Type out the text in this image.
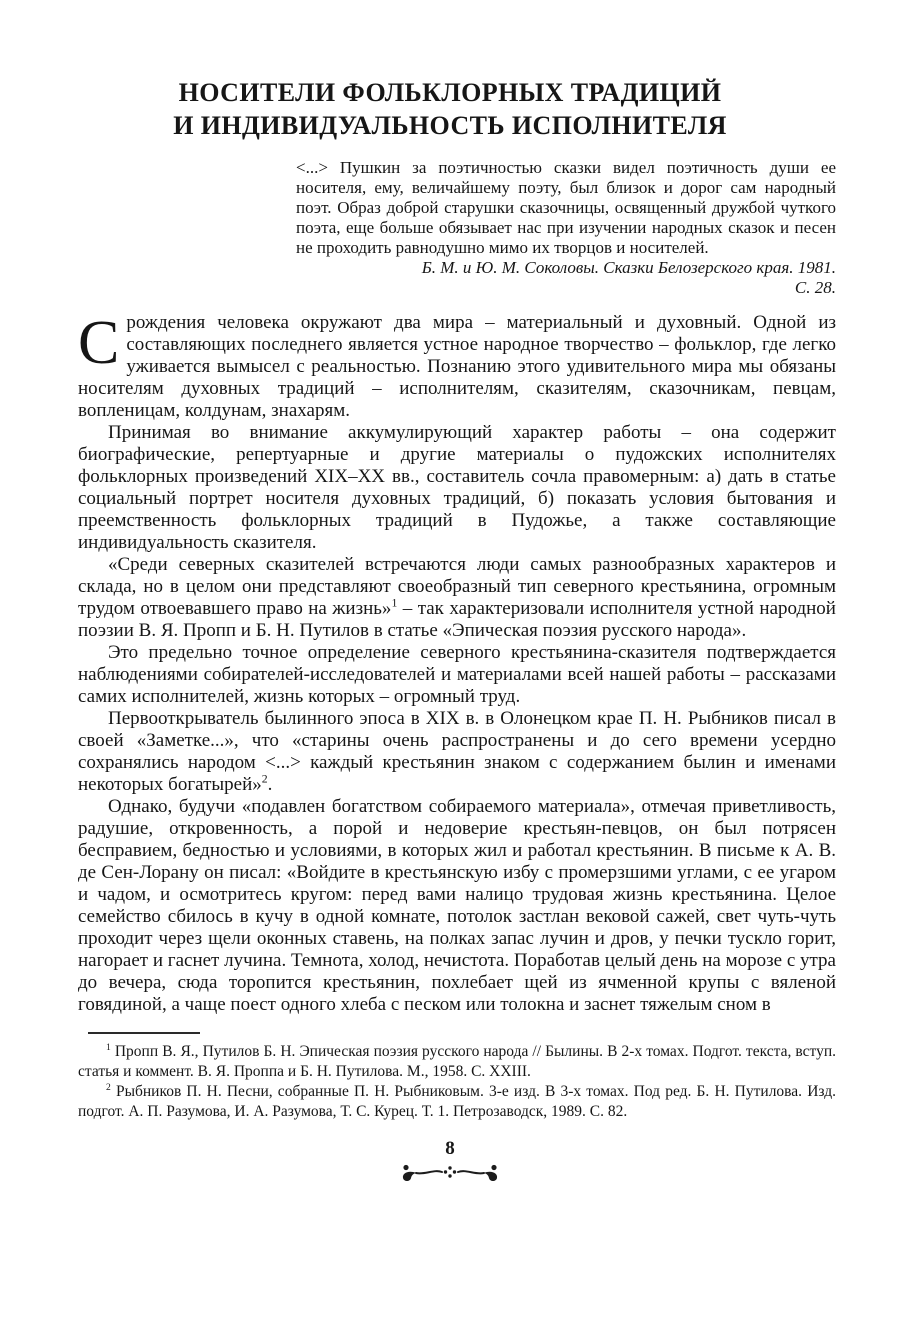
НОСИТЕЛИ ФОЛЬКЛОРНЫХ ТРАДИЦИЙ
И ИНДИВИДУАЛЬНОСТЬ ИСПОЛНИТЕЛЯ

<...> Пушкин за поэтичностью сказки видел поэтичность души ее носителя, ему, величайшему поэту, был близок и дорог сам народный поэт. Образ доброй старушки сказочницы, освященный дружбой чуткого поэта, еще больше обязывает нас при изучении народных сказок и песен не проходить равнодушно мимо их творцов и носителей.

Б. М. и Ю. М. Соколовы. Сказки Белозерского края. 1981.
С. 28.

Срождения человека окружают два мира – материальный и духовный. Одной из составляющих последнего является устное народное творчество – фольклор, где легко уживается вымысел с реальностью. Познанию этого удивительного мира мы обязаны носителям духовных традиций – исполнителям, сказителям, сказочникам, певцам, вопленицам, колдунам, знахарям.

Принимая во внимание аккумулирующий характер работы – она содержит биографические, репертуарные и другие материалы о пудожских исполнителях фольклорных произведений XIX–XX вв., составитель сочла правомерным: а) дать в статье социальный портрет носителя духовных традиций, б) показать условия бытования и преемственность фольклорных традиций в Пудожье, а также составляющие индивидуальность сказителя.

«Среди северных сказителей встречаются люди самых разнообразных характеров и склада, но в целом они представляют своеобразный тип северного крестьянина, огромным трудом отвоевавшего право на жизнь»$^1$ – так характеризовали исполнителя устной народной поэзии В. Я. Пропп и Б. Н. Путилов в статье «Эпическая поэзия русского народа».

Это предельно точное определение северного крестьянина-сказителя подтверждается наблюдениями собирателей-исследователей и материалами всей нашей работы – рассказами самих исполнителей, жизнь которых – огромный труд.

Первооткрыватель былинного эпоса в XIX в. в Олонецком крае П. Н. Рыбников писал в своей «Заметке...», что «старины очень распространены и до сего времени усердно сохранялись народом <...> каждый крестьянин знаком с содержанием былин и именами некоторых богатырей»$^2$.

Однако, будучи «подавлен богатством собираемого материала», отмечая приветливость, радушие, откровенность, а порой и недоверие крестьян-певцов, он был потрясен бесправием, бедностью и условиями, в которых жил и работал крестьянин. В письме к А. В. де Сен-Лорану он писал: «Войдите в крестьянскую избу с промерзшими углами, с ее угаром и чадом, и осмотритесь кругом: перед вами налицо трудовая жизнь крестьянина. Целое семейство сбилось в кучу в одной комнате, потолок застлан вековой сажей, свет чуть-чуть проходит через щели оконных ставень, на полках запас лучин и дров, у печки тускло горит, нагорает и гаснет лучина. Темнота, холод, нечистота. Поработав целый день на морозе с утра до вечера, сюда торопится крестьянин, похлебает щей из ячменной крупы с вяленой говядиной, а чаще поест одного хлеба с песком или толокна и заснет тяжелым сном в

$^1$ Пропп В. Я., Путилов Б. Н. Эпическая поэзия русского народа // Былины. В 2-х томах. Подгот. текста, вступ. статья и коммент. В. Я. Проппа и Б. Н. Путилова. М., 1958. С. XXIII.

$^2$ Рыбников П. Н. Песни, собранные П. Н. Рыбниковым. 3-е изд. В 3-х томах. Под ред. Б. Н. Путилова. Изд. подгот. А. П. Разумова, И. А. Разумова, Т. С. Курец. Т. 1. Петрозаводск, 1989. С. 82.

8
